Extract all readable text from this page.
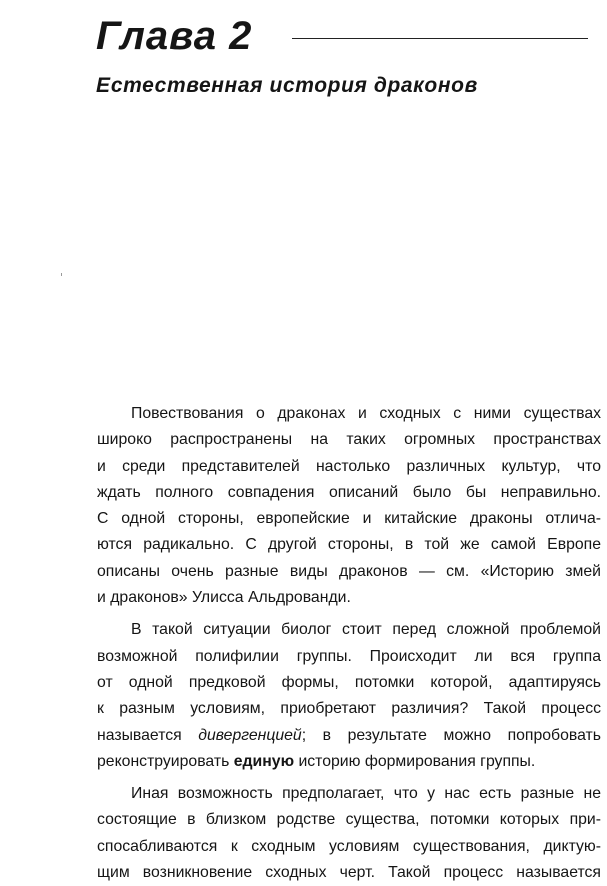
Глава 2
Естественная история драконов

Повествования о драконах и сходных с ними существах
широко распространены на таких огромных пространствах
и среди представителей настолько различных культур, что
ждать полного совпадения описаний было бы неправильно.
С одной стороны, европейские и китайские драконы отлича-
ются радикально. С другой стороны, в той же самой Европе
описаны очень разные виды драконов — см. «Историю змей
и драконов» Улисса Альдрованди.

В такой ситуации биолог стоит перед сложной проблемой
возможной полифилии группы. Происходит ли вся группа
от одной предковой формы, потомки которой, адаптируясь
к разным условиям, приобретают различия? Такой процесс
называется дивергенцией; в результате можно попробовать
реконструировать единую историю формирования группы.

Иная возможность предполагает, что у нас есть разные не
состоящие в близком родстве существа, потомки которых при-
спосабливаются к сходным условиям существования, диктую-
щим возникновение сходных черт. Такой процесс называется
